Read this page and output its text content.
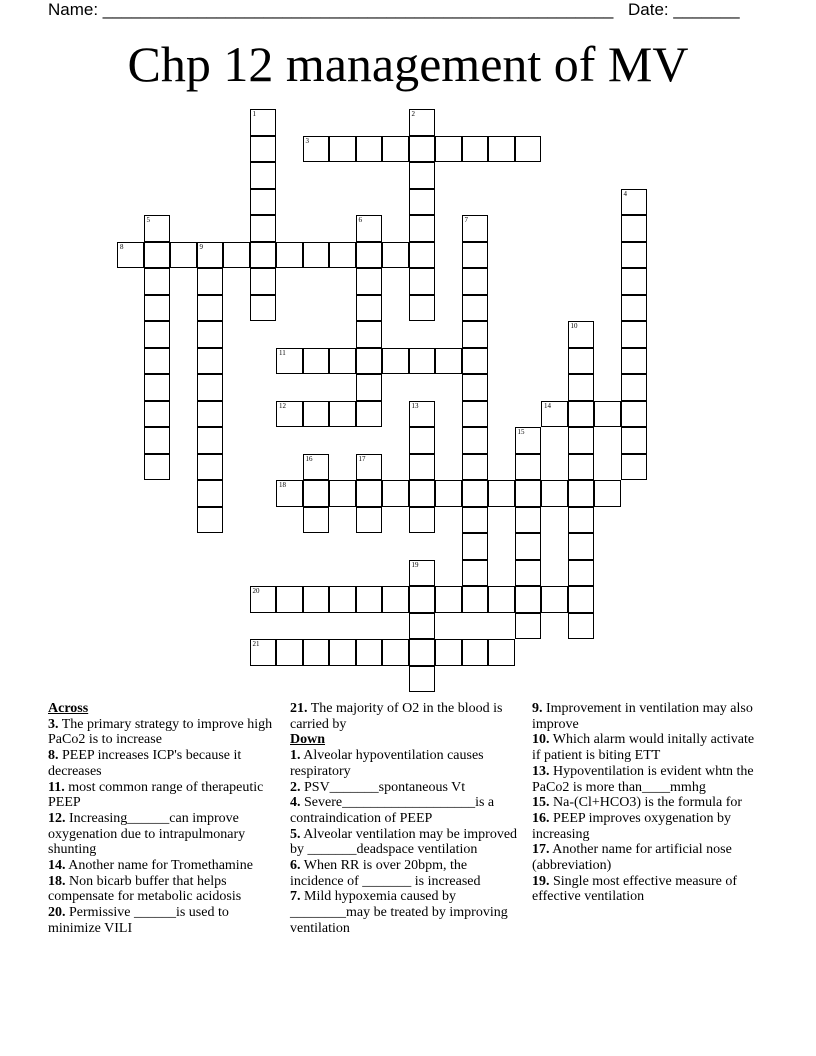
Name: ______________________________________________________ Date: _______
Chp 12 management of MV
3
8	9
11
12	14
18
20
21
1	2
4
5	6	7
10
13
15
16	17
19
Across
3. The primary strategy to improve high PaCo2 is to increase
8. PEEP increases ICP's because it decreases
11. most common range of therapeutic PEEP
12. Increasing______can improve oxygenation due to intrapulmonary shunting
14. Another name for Tromethamine
18. Non bicarb buffer that helps compensate for metabolic acidosis
20. Permissive ______is used to minimize VILI
21. The majority of O2 in the blood is carried by
Down
1. Alveolar hypoventilation causes respiratory
2. PSV_______spontaneous Vt
4. Severe___________________is a contraindication of PEEP
5. Alveolar ventilation may be improved by _______deadspace ventilation
6. When RR is over 20bpm, the incidence of _______ is increased
7. Mild hypoxemia caused by ________may be treated by improving ventilation
9. Improvement in ventilation may also improve
10. Which alarm would initally activate if patient is biting ETT
13. Hypoventilation is evident whtn the PaCo2 is more than____mmhg
15. Na-(Cl+HCO3) is the formula for
16. PEEP improves oxygenation by increasing
17. Another name for artificial nose (abbreviation)
19. Single most effective measure of effective ventilation
